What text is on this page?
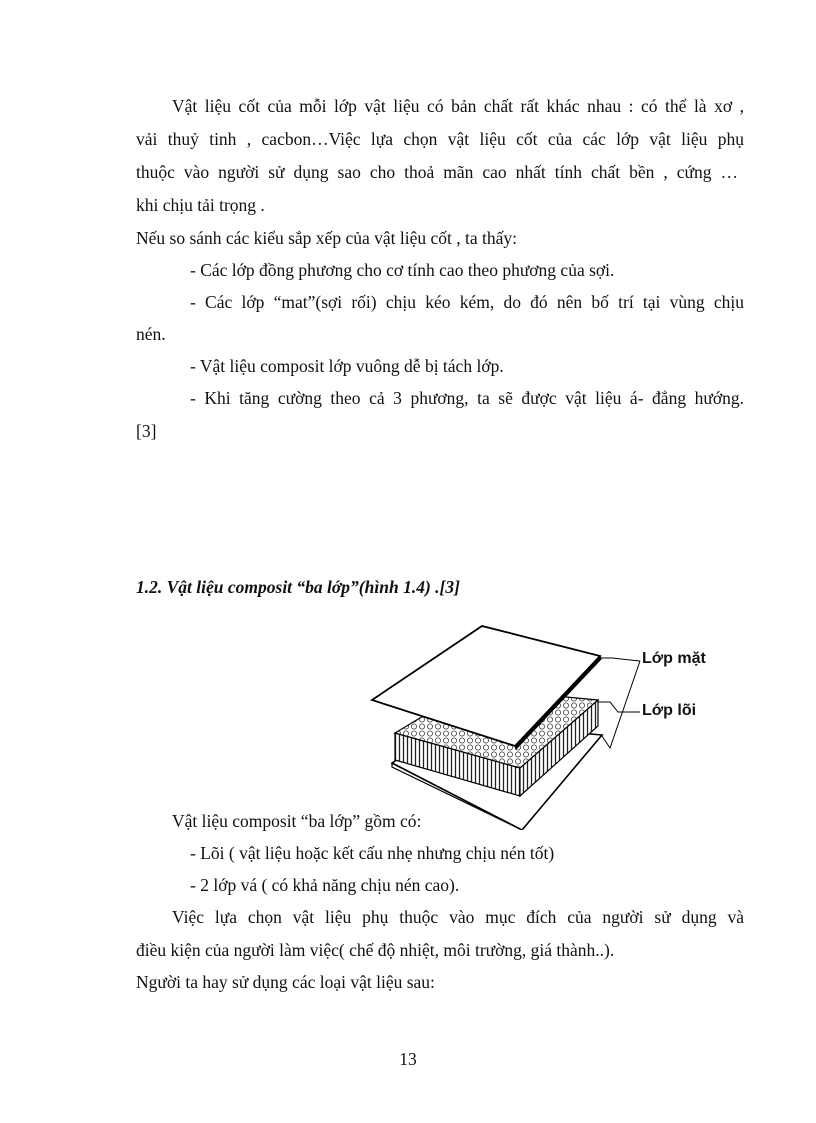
Vật liệu cốt của mỗi lớp vật liệu có bản chất rất khác nhau : có thể là xơ ,
vải thuỷ tinh , cacbon…Việc lựa chọn vật liệu cốt của các lớp vật liệu phụ
thuộc vào người sử dụng sao cho thoả mãn cao nhất tính chất bền , cứng …
khi chịu tải trọng .
Nếu so sánh các kiểu sắp xếp của vật liệu cốt , ta thấy:
- Các lớp đồng phương cho cơ tính cao theo phương của sợi.
- Các lớp “mat”(sợi rối) chịu kéo kém, do đó nên bố trí tại vùng chịu
nén.
- Vật liệu composit lớp vuông dễ bị tách lớp.
- Khi tăng cường theo cả 3 phương, ta sẽ được vật liệu á- đẳng hướng.
[3]
1.2. Vật liệu composit “ba lớp”(hình 1.4) .[3]
Lớp mặt
Lớp lõi
Vật liệu composit “ba lớp” gồm có:
- Lõi ( vật liệu hoặc kết cấu nhẹ nhưng chịu nén tốt)
- 2 lớp vá ( có khả năng chịu nén cao).
Việc lựa chọn vật liệu phụ thuộc vào mục đích của người sử dụng và
điều kiện của người làm việc( chế độ nhiệt, môi trường, giá thành..).
Người ta hay sử dụng các loại vật liệu sau:
13
